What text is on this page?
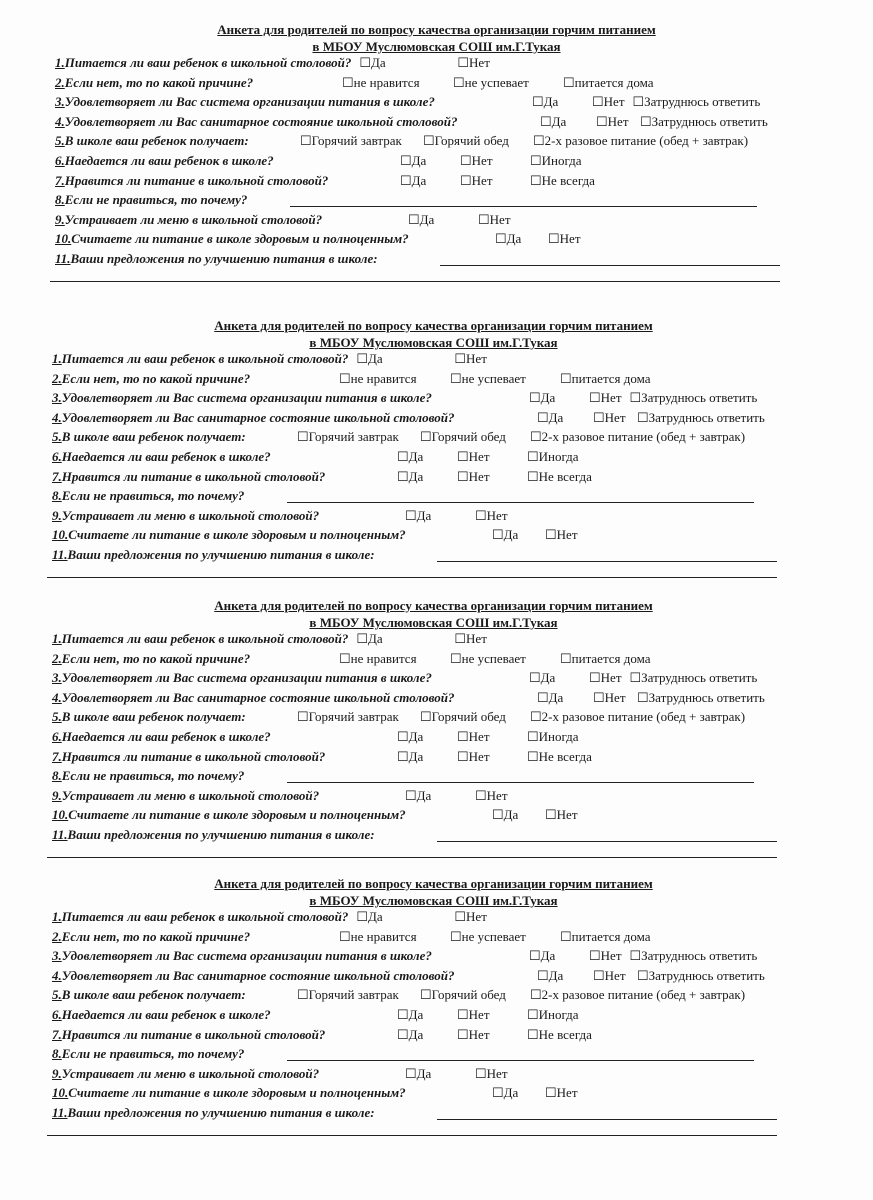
Анкета для родителей по вопросу качества организации горчим питанием
в МБОУ Муслюмовская СОШ им.Г.Тукая
1.Питается ли ваш ребенок в школьной столовой? ☐Да	☐Нет
2.Если нет, то по какой причине?	☐не нравится	☐не успевает	☐питается дома
3.Удовлетворяет ли Вас система организации питания в школе?	☐Да	☐Нет ☐Затруднюсь ответить
4.Удовлетворяет ли Вас санитарное состояние школьной столовой?	☐Да	☐Нет ☐Затруднюсь ответить
5.В школе ваш ребенок получает:	☐Горячий завтрак	☐Горячий обед	☐2-х разовое питание (обед + завтрак)
6.Наедается ли ваш ребенок в школе?	☐Да	☐Нет	☐Иногда
7.Нравится ли питание в школьной столовой?	☐Да	☐Нет	☐Не всегда
8.Если не правиться, то почему?
9.Устраивает ли меню в школьной столовой?	☐Да	☐Нет
10.Считаете ли питание в школе здоровым и полноценным?	☐Да	☐Нет
11.Ваши предложения по улучшению питания в школе:
Анкета для родителей по вопросу качества организации горчим питанием
в МБОУ Муслюмовская СОШ им.Г.Тукая
1.Питается ли ваш ребенок в школьной столовой? ☐Да	☐Нет
2.Если нет, то по какой причине?	☐не нравится	☐не успевает	☐питается дома
3.Удовлетворяет ли Вас система организации питания в школе?	☐Да	☐Нет ☐Затруднюсь ответить
4.Удовлетворяет ли Вас санитарное состояние школьной столовой?	☐Да	☐Нет ☐Затруднюсь ответить
5.В школе ваш ребенок получает:	☐Горячий завтрак	☐Горячий обед	☐2-х разовое питание (обед + завтрак)
6.Наедается ли ваш ребенок в школе?	☐Да	☐Нет	☐Иногда
7.Нравится ли питание в школьной столовой?	☐Да	☐Нет	☐Не всегда
8.Если не правиться, то почему?
9.Устраивает ли меню в школьной столовой?	☐Да	☐Нет
10.Считаете ли питание в школе здоровым и полноценным?	☐Да	☐Нет
11.Ваши предложения по улучшению питания в школе:
Анкета для родителей по вопросу качества организации горчим питанием
в МБОУ Муслюмовская СОШ им.Г.Тукая
1.Питается ли ваш ребенок в школьной столовой? ☐Да	☐Нет
2.Если нет, то по какой причине?	☐не нравится	☐не успевает	☐питается дома
3.Удовлетворяет ли Вас система организации питания в школе?	☐Да	☐Нет ☐Затруднюсь ответить
4.Удовлетворяет ли Вас санитарное состояние школьной столовой?	☐Да	☐Нет ☐Затруднюсь ответить
5.В школе ваш ребенок получает:	☐Горячий завтрак	☐Горячий обед	☐2-х разовое питание (обед + завтрак)
6.Наедается ли ваш ребенок в школе?	☐Да	☐Нет	☐Иногда
7.Нравится ли питание в школьной столовой?	☐Да	☐Нет	☐Не всегда
8.Если не правиться, то почему?
9.Устраивает ли меню в школьной столовой?	☐Да	☐Нет
10.Считаете ли питание в школе здоровым и полноценным?	☐Да	☐Нет
11.Ваши предложения по улучшению питания в школе:
Анкета для родителей по вопросу качества организации горчим питанием
в МБОУ Муслюмовская СОШ им.Г.Тукая
1.Питается ли ваш ребенок в школьной столовой? ☐Да	☐Нет
2.Если нет, то по какой причине?	☐не нравится	☐не успевает	☐питается дома
3.Удовлетворяет ли Вас система организации питания в школе?	☐Да	☐Нет ☐Затруднюсь ответить
4.Удовлетворяет ли Вас санитарное состояние школьной столовой?	☐Да	☐Нет ☐Затруднюсь ответить
5.В школе ваш ребенок получает:	☐Горячий завтрак	☐Горячий обед	☐2-х разовое питание (обед + завтрак)
6.Наедается ли ваш ребенок в школе?	☐Да	☐Нет	☐Иногда
7.Нравится ли питание в школьной столовой?	☐Да	☐Нет	☐Не всегда
8.Если не правиться, то почему?
9.Устраивает ли меню в школьной столовой?	☐Да	☐Нет
10.Считаете ли питание в школе здоровым и полноценным?	☐Да	☐Нет
11.Ваши предложения по улучшению питания в школе:
